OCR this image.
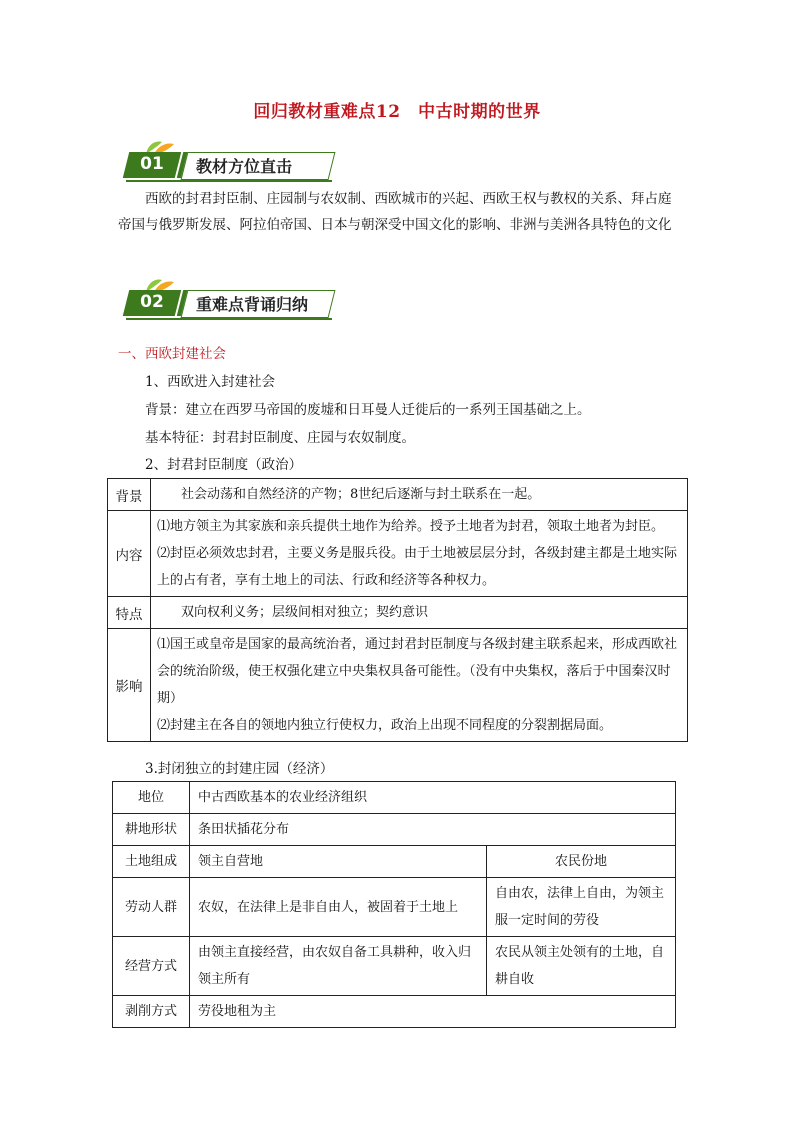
回归教材重难点12　中古时期的世界
01	教材方位直击
西欧的封君封臣制、庄园制与农奴制、西欧城市的兴起、西欧王权与教权的关系、拜占庭帝国与俄罗斯发展、阿拉伯帝国、日本与朝深受中国文化的影响、非洲与美洲各具特色的文化
02	重难点背诵归纳
一、西欧封建社会
1、西欧进入封建社会
背景：建立在西罗马帝国的废墟和日耳曼人迁徙后的一系列王国基础之上。
基本特征：封君封臣制度、庄园与农奴制度。
2、封君封臣制度（政治）
背景	社会动荡和自然经济的产物；8世纪后逐渐与封土联系在一起。

内容	⑴地方领主为其家族和亲兵提供土地作为给养。授予土地者为封君，领取土地者为封臣。
⑵封臣必须效忠封君，主要义务是服兵役。由于土地被层层分封，各级封建主都是土地实际上的占有者，享有土地上的司法、行政和经济等各种权力。

特点	双向权利义务；层级间相对独立；契约意识

影响	⑴国王或皇帝是国家的最高统治者，通过封君封臣制度与各级封建主联系起来，形成西欧社会的统治阶级，使王权强化建立中央集权具备可能性。（没有中央集权，落后于中国秦汉时期）
⑵封建主在各自的领地内独立行使权力，政治上出现不同程度的分裂割据局面。
3.封闭独立的封建庄园（经济）
地位	中古西欧基本的农业经济组织	
耕地形状	条田状插花分布	
土地组成	领主自营地	农民份地
劳动人群	农奴，在法律上是非自由人，被固着于土地上	自由农，法律上自由，为领主服一定时间的劳役
经营方式	由领主直接经营，由农奴自备工具耕种，收入归领主所有	农民从领主处领有的土地，自耕自收
剥削方式	劳役地租为主	
